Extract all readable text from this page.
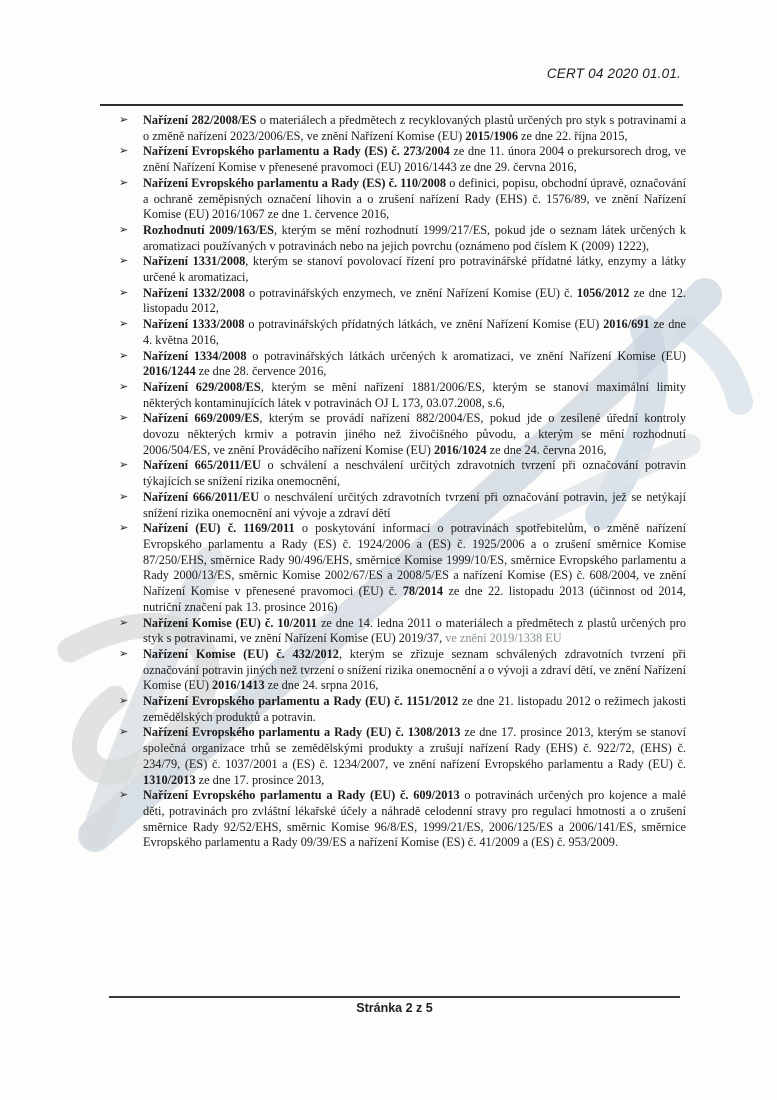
CERT 04 2020 01.01.
➢ Nařízení 282/2008/ES o materiálech a předmětech z recyklovaných plastů určených pro styk s potravinami a o změně nařízení 2023/2006/ES, ve znění Nařízení Komise (EU) 2015/1906 ze dne 22. října 2015,
➢ Nařízení Evropského parlamentu a Rady (ES) č. 273/2004 ze dne 11. února 2004 o prekursorech drog, ve znění Nařízení Komise v přenesené pravomoci (EU) 2016/1443 ze dne 29. června 2016,
➢ Nařízení Evropského parlamentu a Rady (ES) č. 110/2008 o definici, popisu, obchodní úpravě, označování a ochraně zeměpisných označení lihovin a o zrušení nařízení Rady (EHS) č. 1576/89, ve znění Nařízení Komise (EU) 2016/1067 ze dne 1. července 2016,
➢ Rozhodnutí 2009/163/ES, kterým se mění rozhodnutí 1999/217/ES, pokud jde o seznam látek určených k aromatizaci používaných v potravinách nebo na jejich povrchu (oznámeno pod číslem K (2009) 1222),
➢ Nařízení 1331/2008, kterým se stanoví povolovací řízení pro potravinářské přídatné látky, enzymy a látky určené k aromatizaci,
➢ Nařízení 1332/2008 o potravinářských enzymech, ve znění Nařízení Komise (EU) č. 1056/2012 ze dne 12. listopadu 2012,
➢ Nařízení 1333/2008 o potravinářských přídatných látkách, ve znění Nařízení Komise (EU) 2016/691 ze dne 4. května 2016,
➢ Nařízení 1334/2008 o potravinářských látkách určených k aromatizaci, ve znění Nařízení Komise (EU) 2016/1244 ze dne 28. července 2016,
➢ Nařízení 629/2008/ES, kterým se mění nařízení 1881/2006/ES, kterým se stanoví maximální limity některých kontaminujících látek v potravinách OJ L 173, 03.07.2008, s.6,
➢ Nařízení 669/2009/ES, kterým se provádí nařízení 882/2004/ES, pokud jde o zesílené úřední kontroly dovozu některých krmiv a potravin jiného než živočišného původu, a kterým se mění rozhodnutí 2006/504/ES, ve znění Prováděcího nařízení Komise (EU) 2016/1024 ze dne 24. června 2016,
➢ Nařízení 665/2011/EU o schválení a neschválení určitých zdravotních tvrzení při označování potravin týkajících se snížení rizika onemocnění,
➢ Nařízení 666/2011/EU o neschválení určitých zdravotních tvrzení při označování potravin, jež se netýkají snížení rizika onemocnění ani vývoje a zdraví dětí
➢ Nařízení (EU) č. 1169/2011 o poskytování informací o potravinách spotřebitelům, o změně nařízení Evropského parlamentu a Rady (ES) č. 1924/2006 a (ES) č. 1925/2006 a o zrušení směrnice Komise 87/250/EHS, směrnice Rady 90/496/EHS, směrnice Komise 1999/10/ES, směrnice Evropského parlamentu a Rady 2000/13/ES, směrnic Komise 2002/67/ES a 2008/5/ES a nařízení Komise (ES) č. 608/2004, ve znění Nařízení Komise v přenesené pravomoci (EU) č. 78/2014 ze dne 22. listopadu 2013 (účinnost od 2014, nutriční značení pak 13. prosince 2016)
➢ Nařízení Komise (EU) č. 10/2011 ze dne 14. ledna 2011 o materiálech a předmětech z plastů určených pro styk s potravinami, ve znění Nařízení Komise (EU) 2019/37, ve znění 2019/1338 EU
➢ Nařízení Komise (EU) č. 432/2012, kterým se zřizuje seznam schválených zdravotních tvrzení při označování potravin jiných než tvrzení o snížení rizika onemocnění a o vývoji a zdraví dětí, ve znění Nařízení Komise (EU) 2016/1413 ze dne 24. srpna 2016,
➢ Nařízení Evropského parlamentu a Rady (EU) č. 1151/2012 ze dne 21. listopadu 2012 o režimech jakosti zemědělských produktů a potravin.
➢ Nařízení Evropského parlamentu a Rady (EU) č. 1308/2013 ze dne 17. prosince 2013, kterým se stanoví společná organizace trhů se zemědělskými produkty a zrušují nařízení Rady (EHS) č. 922/72, (EHS) č. 234/79, (ES) č. 1037/2001 a (ES) č. 1234/2007, ve znění nařízení Evropského parlamentu a Rady (EU) č. 1310/2013 ze dne 17. prosince 2013,
➢ Nařízení Evropského parlamentu a Rady (EU) č. 609/2013 o potravinách určených pro kojence a malé děti, potravinách pro zvláštní lékařské účely a náhradě celodenní stravy pro regulaci hmotnosti a o zrušení směrnice Rady 92/52/EHS, směrnic Komise 96/8/ES, 1999/21/ES, 2006/125/ES a 2006/141/ES, směrnice Evropského parlamentu a Rady 09/39/ES a nařízení Komise (ES) č. 41/2009 a (ES) č. 953/2009.
Stránka 2 z 5
